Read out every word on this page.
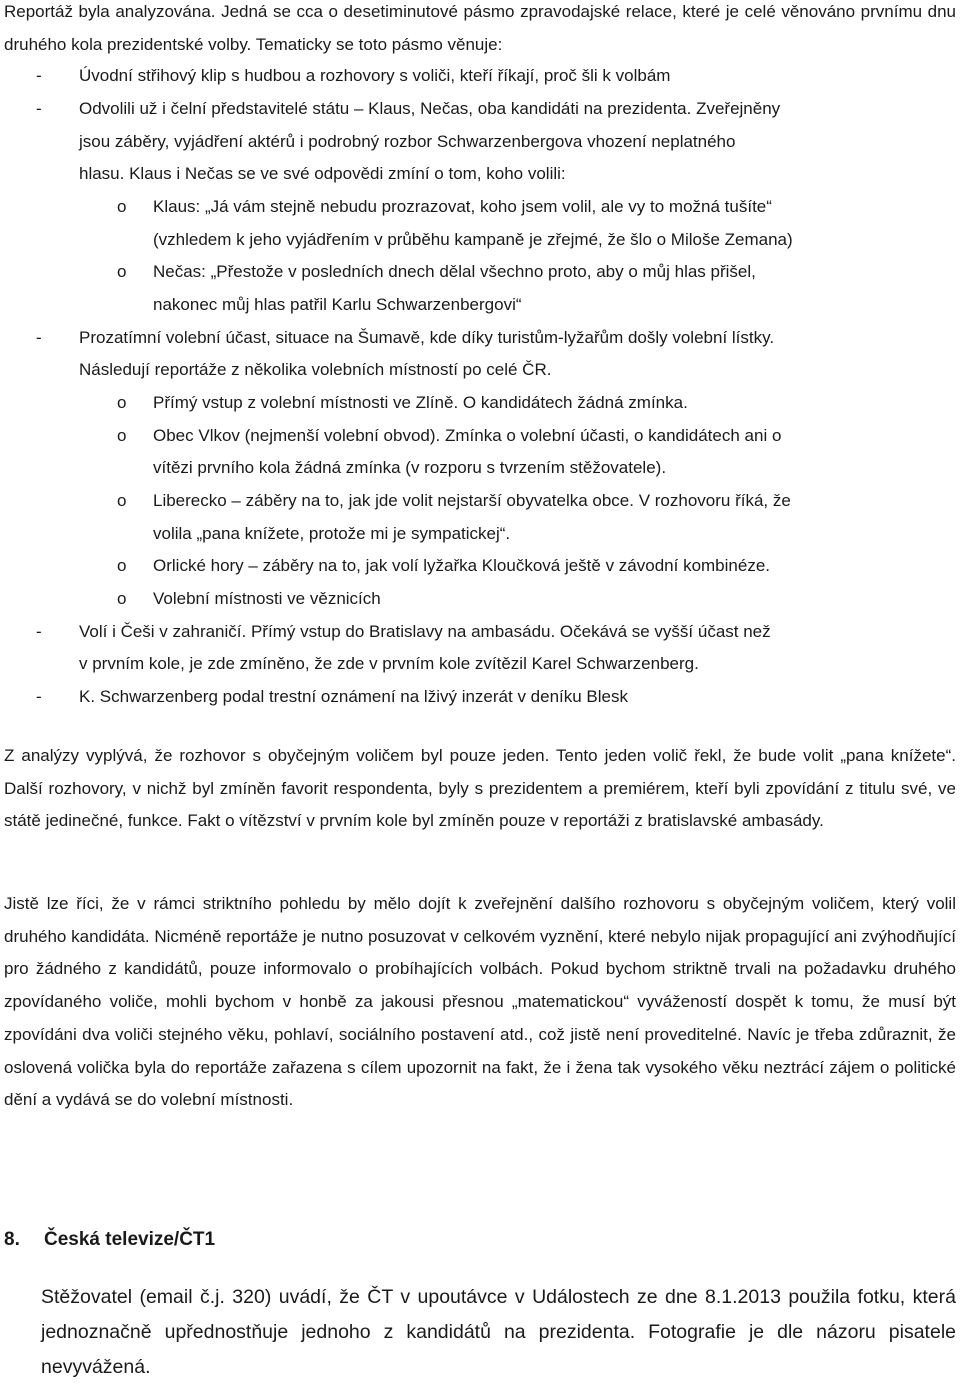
Reportáž byla analyzována. Jedná se cca o desetiminutové pásmo zpravodajské relace, které je celé věnováno prvnímu dnu druhého kola prezidentské volby. Tematicky se toto pásmo věnuje:
-	Úvodní střihový klip s hudbou a rozhovory s voliči, kteří říkají, proč šli k volbám
-	Odvolili už i čelní představitelé státu – Klaus, Nečas, oba kandidáti na prezidenta. Zveřejněny
jsou záběry, vyjádření aktérů i podrobný rozbor Schwarzenbergova vhození neplatného
hlasu. Klaus i Nečas se ve své odpovědi zmíní o tom, koho volili:
o	Klaus: „Já vám stejně nebudu prozrazovat, koho jsem volil, ale vy to možná tušíte“
(vzhledem k jeho vyjádřením v průběhu kampaně je zřejmé, že šlo o Miloše Zemana)
o	Nečas: „Přestože v posledních dnech dělal všechno proto, aby o můj hlas přišel,
nakonec můj hlas patřil Karlu Schwarzenbergovi“
-	Prozatímní volební účast, situace na Šumavě, kde díky turistům-lyžařům došly volební lístky.
Následují reportáže z několika volebních místností po celé ČR.
o	Přímý vstup z volební místnosti ve Zlíně. O kandidátech žádná zmínka.
o	Obec Vlkov (nejmenší volební obvod). Zmínka o volební účasti, o kandidátech ani o
vítězi prvního kola žádná zmínka (v rozporu s tvrzením stěžovatele).
o	Liberecko – záběry na to, jak jde volit nejstarší obyvatelka obce. V rozhovoru říká, že
volila „pana knížete, protože mi je sympatickej“.
o	Orlické hory – záběry na to, jak volí lyžařka Kloučková ještě v závodní kombinéze.
o	Volební místnosti ve věznicích
-	Volí i Češi v zahraničí. Přímý vstup do Bratislavy na ambasádu. Očekává se vyšší účast než
v prvním kole, je zde zmíněno, že zde v prvním kole zvítězil Karel Schwarzenberg.
-	K. Schwarzenberg podal trestní oznámení na lživý inzerát v deníku Blesk
Z analýzy vyplývá, že rozhovor s obyčejným voličem byl pouze jeden. Tento jeden volič řekl, že bude volit „pana knížete“. Další rozhovory, v nichž byl zmíněn favorit respondenta, byly s prezidentem a premiérem, kteří byli zpovídání z titulu své, ve státě jedinečné, funkce. Fakt o vítězství v prvním kole byl zmíněn pouze v reportáži z bratislavské ambasády.
Jistě lze říci, že v rámci striktního pohledu by mělo dojít k zveřejnění dalšího rozhovoru s obyčejným voličem, který volil druhého kandidáta. Nicméně reportáže je nutno posuzovat v celkovém vyznění, které nebylo nijak propagující ani zvýhodňující pro žádného z kandidátů, pouze informovalo o probíhajících volbách. Pokud bychom striktně trvali na požadavku druhého zpovídaného voliče, mohli bychom v honbě za jakousi přesnou „matematickou“ vyvážeností dospět k tomu, že musí být zpovídáni dva voliči stejného věku, pohlaví, sociálního postavení atd., což jistě není proveditelné. Navíc je třeba zdůraznit, že oslovená volička byla do reportáže zařazena s cílem upozornit na fakt, že i žena tak vysokého věku neztrácí zájem o politické dění a vydává se do volební místnosti.
8. Česká televize/ČT1
Stěžovatel (email č.j. 320) uvádí, že ČT v upoutávce v Událostech ze dne 8.1.2013 použila fotku, která jednoznačně upřednostňuje jednoho z kandidátů na prezidenta. Fotografie je dle názoru pisatele nevyvážená.
